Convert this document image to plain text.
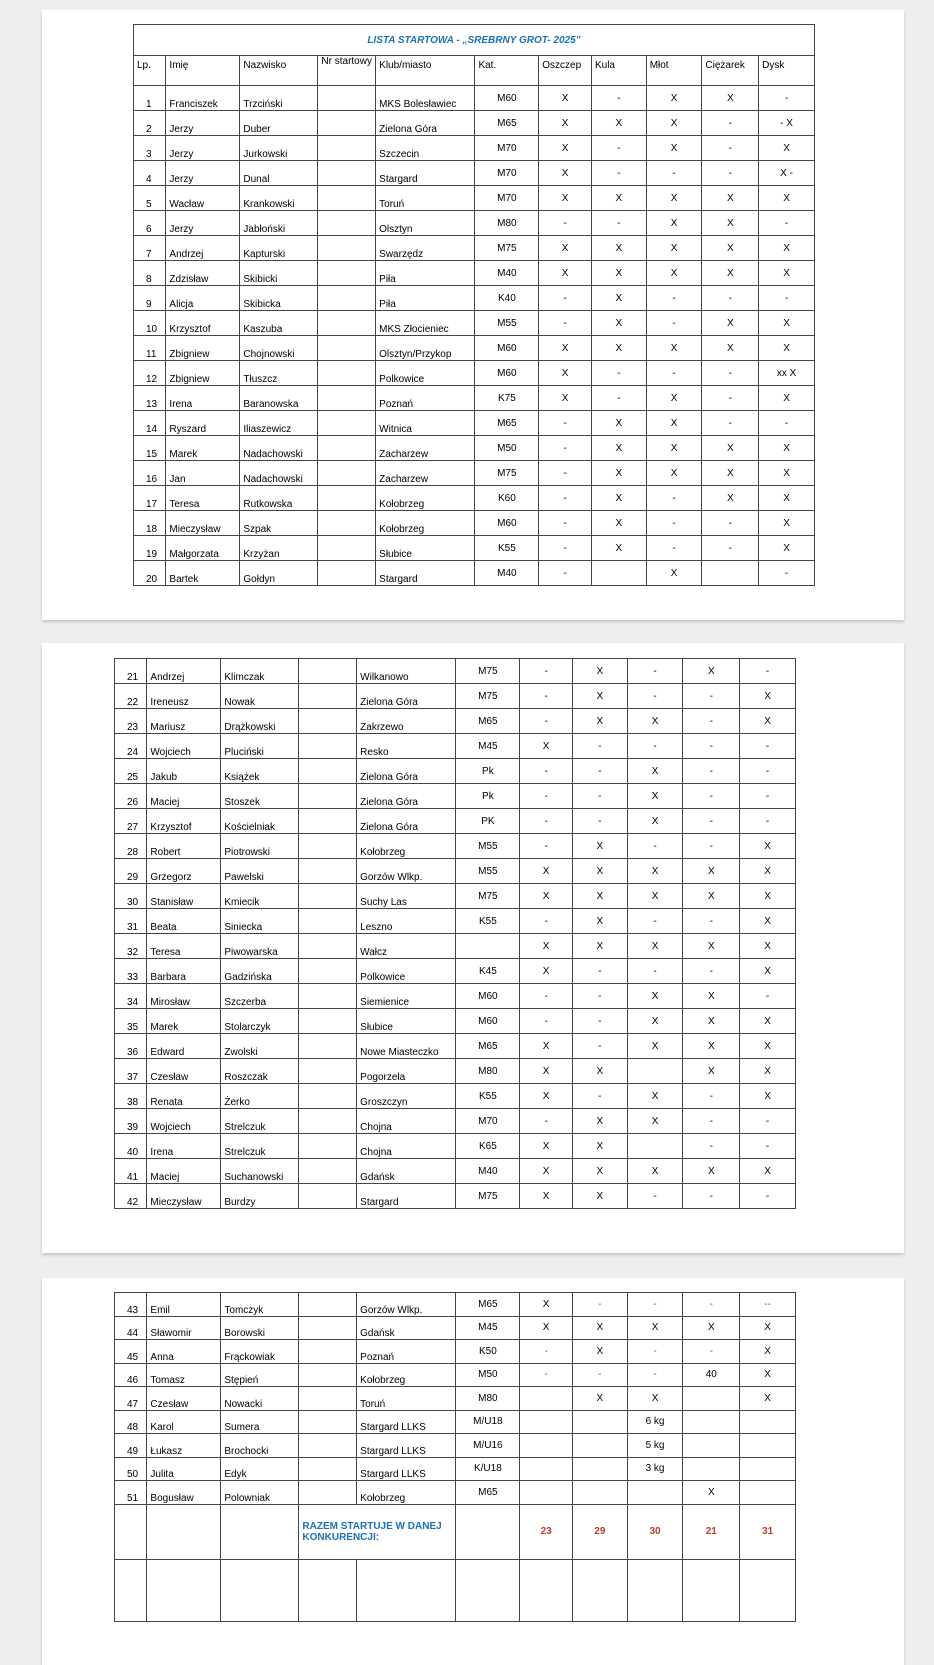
LISTA STARTOWA - „SREBRNY GROT- 2025”										
Lp.	Imię	Nazwisko	Nr startowy	Klub/miasto	Kat.	Oszczep	Kula	Młot	Ciężarek	Dysk
1	Franciszek	Trzciński		MKS Bolesławiec	M60	X	-	X	X	-
2	Jerzy	Duber		Zielona Góra	M65	X	X	X	-	- X
3	Jerzy	Jurkowski		Szczecin	M70	X	-	X	-	X
4	Jerzy	Dunal		Stargard	M70	X	-	-	-	X -
5	Wacław	Krankowski		Toruń	M70	X	X	X	X	X
6	Jerzy	Jabłoński		Olsztyn	M80	-	-	X	X	-
7	Andrzej	Kapturski		Swarzędz	M75	X	X	X	X	X
8	Zdzisław	Skibicki		Piła	M40	X	X	X	X	X
9	Alicja	Skibicka		Piła	K40	-	X	-	-	-
10	Krzysztof	Kaszuba		MKS Złocieniec	M55	-	X	-	X	X
11	Zbigniew	Chojnowski		Olsztyn/Przykop	M60	X	X	X	X	X
12	Zbigniew	Tłuszcz		Polkowice	M60	X	-	-	-	xx X
13	Irena	Baranowska		Poznań	K75	X	-	X	-	X
14	Ryszard	Iliaszewicz		Witnica	M65	-	X	X	-	-
15	Marek	Nadachowski		Zacharzew	M50	-	X	X	X	X
16	Jan	Nadachowski		Zacharzew	M75	-	X	X	X	X
17	Teresa	Rutkowska		Kołobrzeg	K60	-	X	-	X	X
18	Mieczysław	Szpak		Kołobrzeg	M60	-	X	-	-	X
19	Małgorzata	Krzyżan		Słubice	K55	-	X	-	-	X
20	Bartek	Gołdyn		Stargard	M40	-		X		-
21	Andrzej	Klimczak		Wilkanowo	M75	-	X	-	X	-
22	Ireneusz	Nowak		Zielona Góra	M75	-	X	-	-	X
23	Mariusz	Drążkowski		Zakrzewo	M65	-	X	X	-	X
24	Wojciech	Pluciński		Resko	M45	X	-	-	-	-
25	Jakub	Książek		Zielona Góra	Pk	-	-	X	-	-
26	Maciej	Stoszek		Zielona Góra	Pk	-	-	X	-	-
27	Krzysztof	Kościelniak		Zielona Góra	PK	-	-	X	-	-
28	Robert	Piotrowski		Kołobrzeg	M55	-	X	-	-	X
29	Grzegorz	Pawelski		Gorzów Wlkp.	M55	X	X	X	X	X
30	Stanisław	Kmiecik		Suchy Las	M75	X	X	X	X	X
31	Beata	Siniecka		Leszno	K55	-	X	-	-	X
32	Teresa	Piwowarska		Wałcz		X	X	X	X	X
33	Barbara	Gadzińska		Polkowice	K45	X	-	-	-	X
34	Mirosław	Szczerba		Siemienice	M60	-	-	X	X	-
35	Marek	Stolarczyk		Słubice	M60	-	-	X	X	X
36	Edward	Zwolski		Nowe Miasteczko	M65	X	-	X	X	X
37	Czesław	Roszczak		Pogorzela	M80	X	X		X	X
38	Renata	Żerko		Groszczyn	K55	X	-	X	-	X
39	Wojciech	Strelczuk		Chojna	M70	-	X	X	-	-
40	Irena	Strelczuk		Chojna	K65	X	X		-	-
41	Maciej	Suchanowski		Gdańsk	M40	X	X	X	X	X
42	Mieczysław	Burdzy		Stargard	M75	X	X	-	-	-
43	Emil	Tomczyk		Gorzów Wlkp.	M65	X	-	-	-	--
44	Sławomir	Borowski		Gdańsk	M45	X	X	X	X	X
45	Anna	Frąckowiak		Poznań	K50	-	X	-	-	X
46	Tomasz	Stępień		Kołobrzeg	M50	-	-	-	40	X
47	Czesław	Nowacki		Toruń	M80		X	X		X
48	Karol	Sumera		Stargard LLKS	M/U18			6 kg		
49	Łukasz	Brochocki		Stargard LLKS	M/U16			5 kg		
50	Julita	Edyk		Stargard LLKS	K/U18			3 kg		
51	Bogusław	Polowniak		Kołobrzeg	M65				X	
			RAZEM STARTUJE W DANEJ KONKURENCJI:			23	29	30	21	31
